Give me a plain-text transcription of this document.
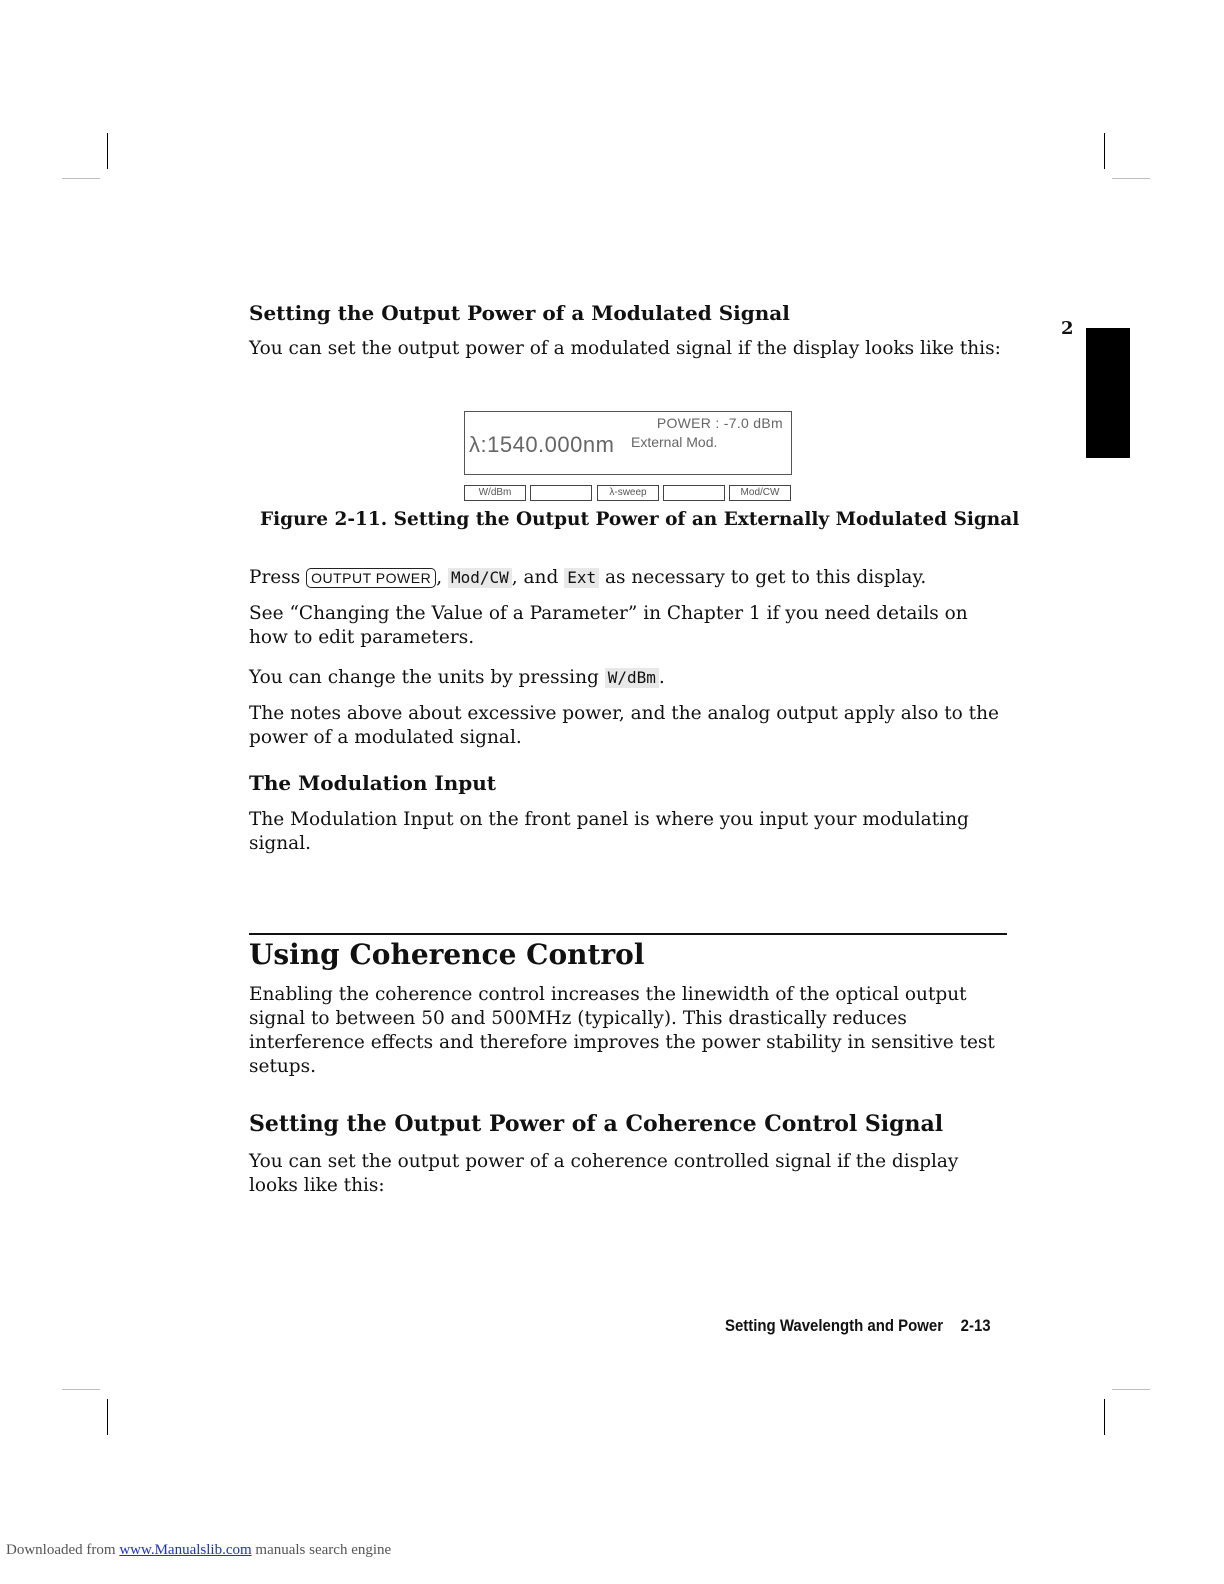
2
Setting the Output Power of a Modulated Signal

You can set the output power of a modulated signal if the display looks like this:

POWER : -7.0 dBm
λ:1540.000nm External Mod.
W/dBm	λ-sweep	Mod/CW
Figure 2-11. Setting the Output Power of an Externally Modulated Signal

Press OUTPUT POWER , Mod/CW , and Ext as necessary to get to this display.

See “Changing the Value of a Parameter” in Chapter 1 if you need details on how to edit parameters.

You can change the units by pressing W/dBm .

The notes above about excessive power, and the analog output apply also to the power of a modulated signal.

The Modulation Input

The Modulation Input on the front panel is where you input your modulating signal.

Using Coherence Control

Enabling the coherence control increases the linewidth of the optical output signal to between 50 and 500MHz (typically). This drastically reduces interference effects and therefore improves the power stability in sensitive test setups.

Setting the Output Power of a Coherence Control Signal

You can set the output power of a coherence controlled signal if the display looks like this:

Setting Wavelength and Power 2-13
Downloaded from www.Manualslib.com manuals search engine
